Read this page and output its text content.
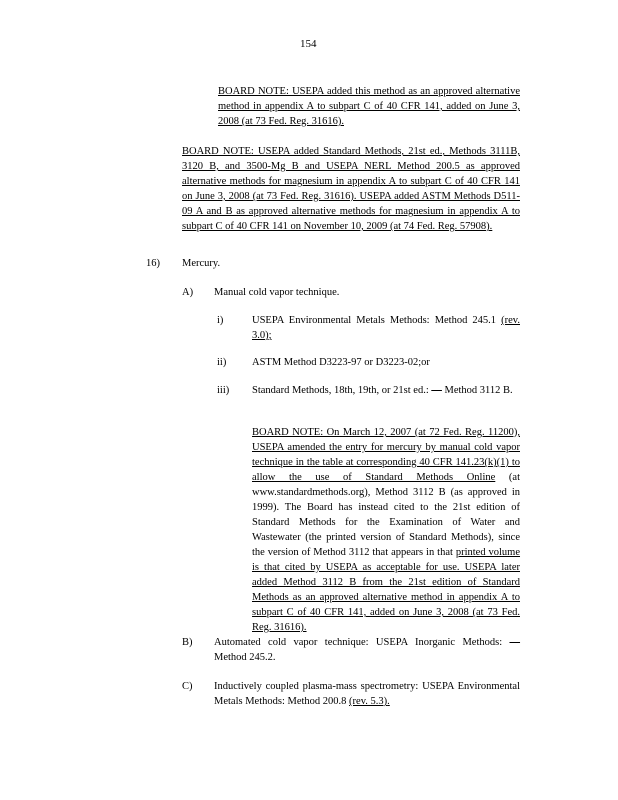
154
BOARD NOTE: USEPA added this method as an approved alternative method in appendix A to subpart C of 40 CFR 141, added on June 3, 2008 (at 73 Fed. Reg. 31616).
BOARD NOTE: USEPA added Standard Methods, 21st ed., Methods 3111B, 3120 B, and 3500-Mg B and USEPA NERL Method 200.5 as approved alternative methods for magnesium in appendix A to subpart C of 40 CFR 141 on June 3, 2008 (at 73 Fed. Reg. 31616). USEPA added ASTM Methods D511-09 A and B as approved alternative methods for magnesium in appendix A to subpart C of 40 CFR 141 on November 10, 2009 (at 74 Fed. Reg. 57908).
16) Mercury.
A) Manual cold vapor technique.
i)	USEPA Environmental Metals Methods: Method 245.1 (rev. 3.0);
ii) ASTM Method D3223-97 or D3223-02;or
iii) Standard Methods, 18th, 19th, or 21st ed.: — Method 3112 B.
BOARD NOTE: On March 12, 2007 (at 72 Fed. Reg. 11200), USEPA amended the entry for mercury by manual cold vapor technique in the table at corresponding 40 CFR 141.23(k)(1) to allow the use of Standard Methods Online (at www.standardmethods.org), Method 3112 B (as approved in 1999). The Board has instead cited to the 21st edition of Standard Methods for the Examination of Water and Wastewater (the printed version of Standard Methods), since the version of Method 3112 that appears in that printed volume is that cited by USEPA as acceptable for use. USEPA later added Method 3112 B from the 21st edition of Standard Methods as an approved alternative method in appendix A to subpart C of 40 CFR 141, added on June 3, 2008 (at 73 Fed. Reg. 31616).
B) Automated cold vapor technique: USEPA Inorganic Methods: — Method 245.2.
C) Inductively coupled plasma-mass spectrometry: USEPA Environmental Metals Methods: Method 200.8 (rev. 5.3).
